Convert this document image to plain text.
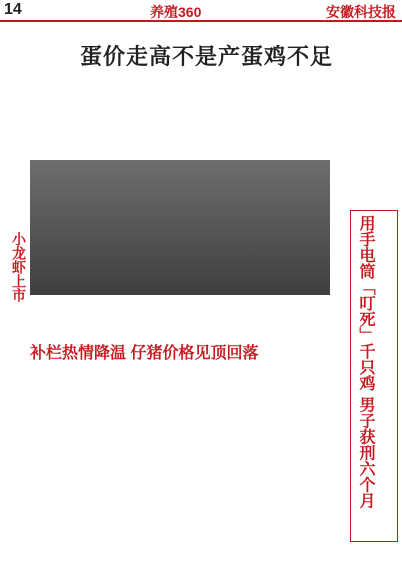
14	养殖360	安徽科技报
蛋价走高不是产蛋鸡不足
小龙虾上市
补栏热情降温 仔猪价格见顶回落	用手电筒「叮死」千只鸡 男子获刑六个月
